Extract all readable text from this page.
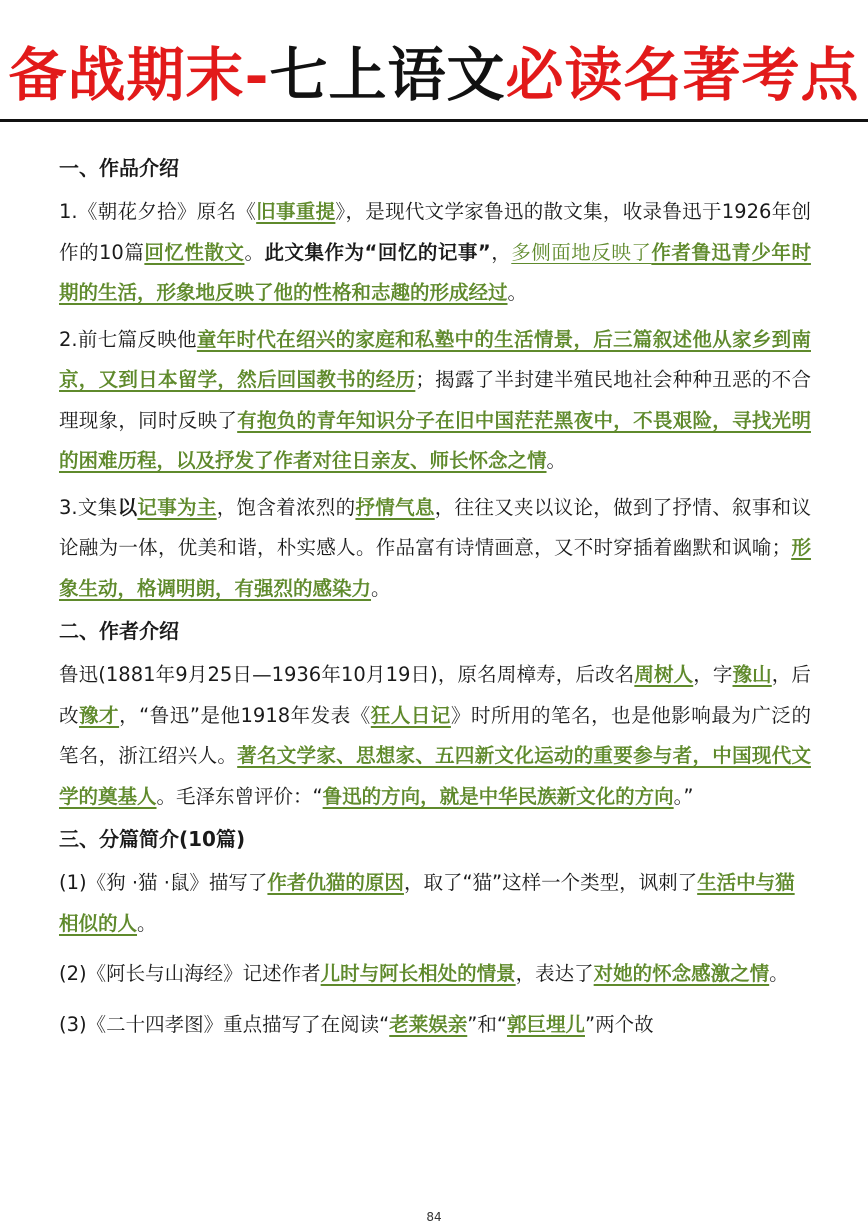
备战期末-七上语文必读名著考点
一、作品介绍

1.《朝花夕拾》原名《旧事重提》，是现代文学家鲁迅的散文集，收录鲁迅于1926年创作的10篇回忆性散文。此文集作为“回忆的记事”，多侧面地反映了作者鲁迅青少年时期的生活，形象地反映了他的性格和志趣的形成经过。

2.前七篇反映他童年时代在绍兴的家庭和私塾中的生活情景，后三篇叙述他从家乡到南京，又到日本留学，然后回国教书的经历；揭露了半封建半殖民地社会种种丑恶的不合理现象，同时反映了有抱负的青年知识分子在旧中国茫茫黑夜中，不畏艰险，寻找光明的困难历程，以及抒发了作者对往日亲友、师长怀念之情。

3.文集以记事为主，饱含着浓烈的抒情气息，往往又夹以议论，做到了抒情、叙事和议论融为一体，优美和谐，朴实感人。作品富有诗情画意，又不时穿插着幽默和讽喻；形象生动，格调明朗，有强烈的感染力。

二、作者介绍

鲁迅(1881年9月25日—1936年10月19日)，原名周樟寿，后改名周树人，字豫山，后改豫才，“鲁迅”是他1918年发表《狂人日记》时所用的笔名，也是他影响最为广泛的笔名，浙江绍兴人。著名文学家、思想家、五四新文化运动的重要参与者，中国现代文学的奠基人。毛泽东曾评价：“鲁迅的方向，就是中华民族新文化的方向。”

三、分篇简介(10篇)

(1)《狗 ·猫 ·鼠》描写了作者仇猫的原因，取了“猫”这样一个类型，讽刺了生活中与猫相似的人。

(2)《阿长与山海经》记述作者儿时与阿长相处的情景，表达了对她的怀念感激之情。

(3)《二十四孝图》重点描写了在阅读“老莱娱亲”和“郭巨埋儿”两个故

84
